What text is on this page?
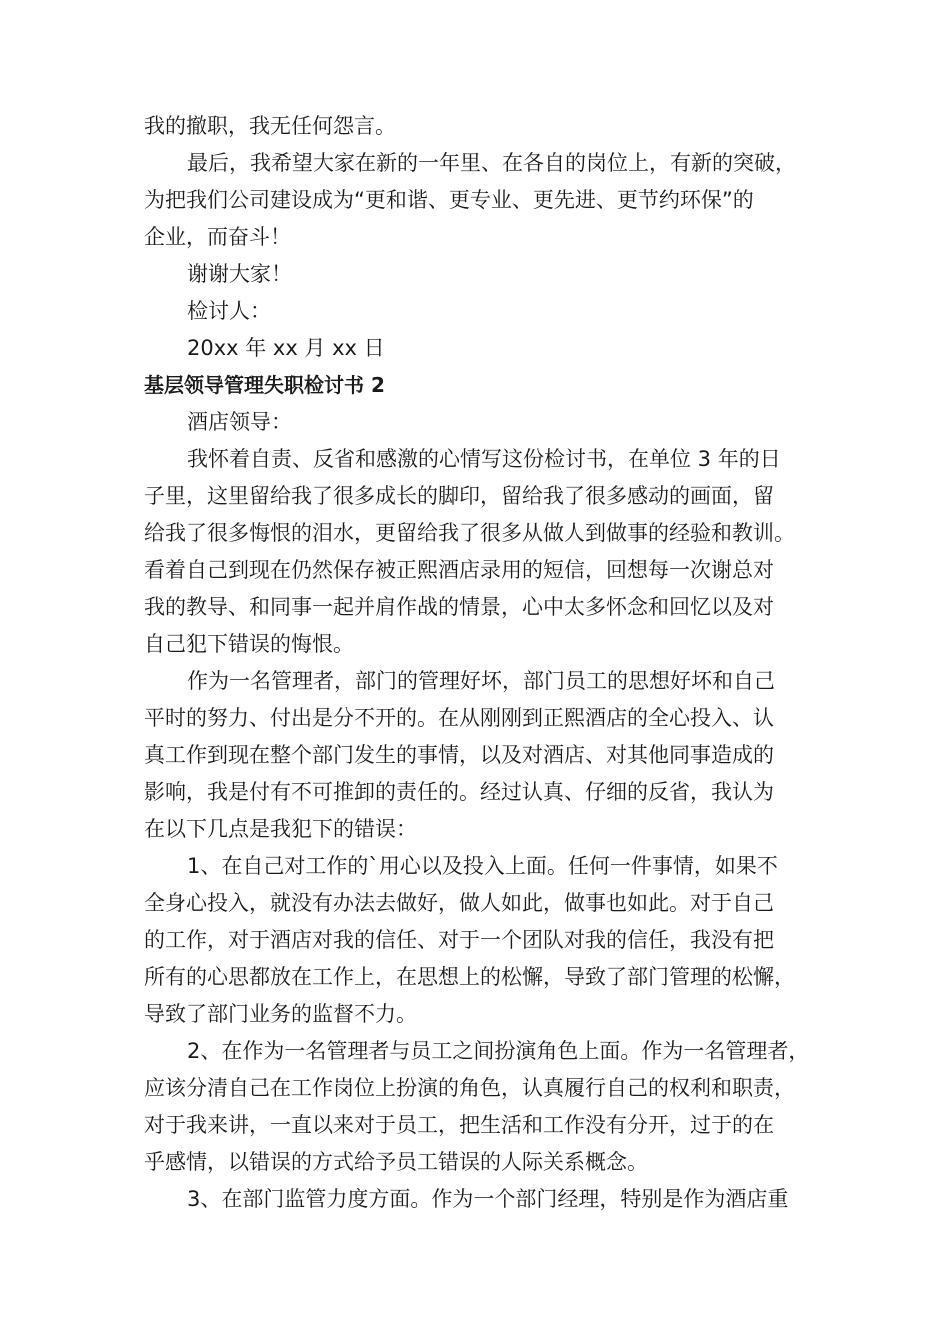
我的撤职，我无任何怨言。
最后，我希望大家在新的一年里、在各自的岗位上，有新的突破，
为把我们公司建设成为“更和谐、更专业、更先进、更节约环保”的
企业，而奋斗！
谢谢大家！
检讨人：
20xx 年 xx 月 xx 日
基层领导管理失职检讨书 2
酒店领导：
我怀着自责、反省和感激的心情写这份检讨书，在单位 3 年的日
子里，这里留给我了很多成长的脚印，留给我了很多感动的画面，留
给我了很多悔恨的泪水，更留给我了很多从做人到做事的经验和教训。
看着自己到现在仍然保存被正熙酒店录用的短信，回想每一次谢总对
我的教导、和同事一起并肩作战的情景，心中太多怀念和回忆以及对
自己犯下错误的悔恨。
作为一名管理者，部门的管理好坏，部门员工的思想好坏和自己
平时的努力、付出是分不开的。在从刚刚到正熙酒店的全心投入、认
真工作到现在整个部门发生的事情，以及对酒店、对其他同事造成的
影响，我是付有不可推卸的责任的。经过认真、仔细的反省，我认为
在以下几点是我犯下的错误：
1、在自己对工作的`用心以及投入上面。任何一件事情，如果不
全身心投入，就没有办法去做好，做人如此，做事也如此。对于自己
的工作，对于酒店对我的信任、对于一个团队对我的信任，我没有把
所有的心思都放在工作上，在思想上的松懈，导致了部门管理的松懈，
导致了部门业务的监督不力。
2、在作为一名管理者与员工之间扮演角色上面。作为一名管理者，
应该分清自己在工作岗位上扮演的角色，认真履行自己的权利和职责，
对于我来讲，一直以来对于员工，把生活和工作没有分开，过于的在
乎感情，以错误的方式给予员工错误的人际关系概念。
3、在部门监管力度方面。作为一个部门经理，特别是作为酒店重
